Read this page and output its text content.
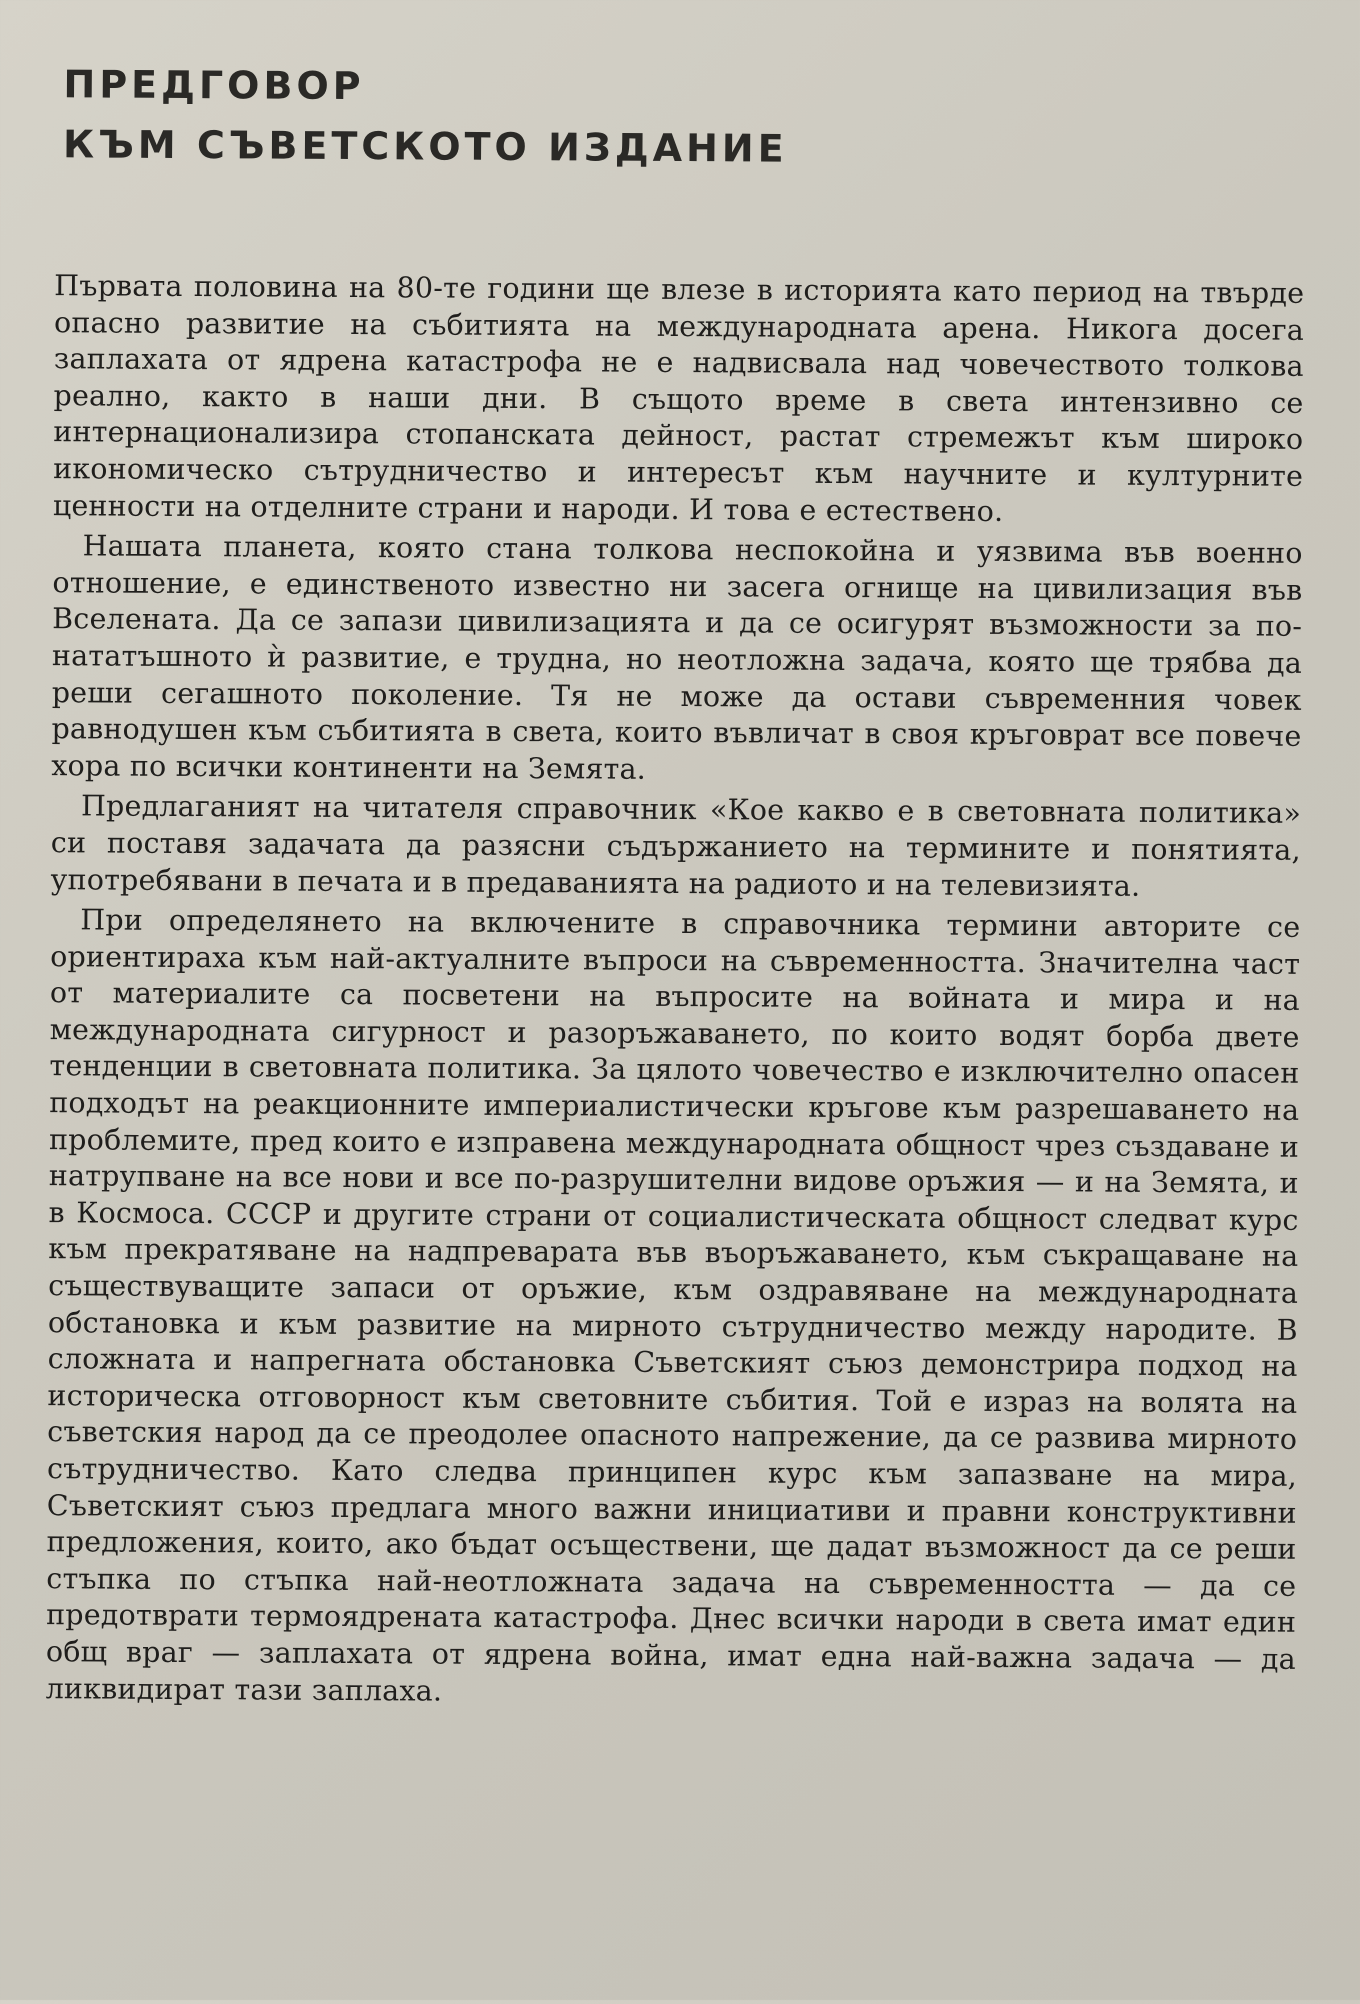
ПРЕДГОВОР
КЪМ СЪВЕТСКОТО ИЗДАНИЕ

Първата половина на 80-те години ще влезе в историята като период на твърде опасно развитие на събитията на международната арена. Никога досега заплахата от ядрена катастрофа не е надвисвала над човечеството толкова реално, както в наши дни. В същото време в света интензивно се интернационализира стопанската дейност, растат стремежът към широко икономическо сътрудничество и интересът към научните и културните ценности на отделните страни и народи. И това е естествено.

Нашата планета, която стана толкова неспокойна и уязвима във военно отношение, е единственото известно ни засега огнище на цивилизация във Вселената. Да се запази цивилизацията и да се осигурят възможности за по-нататъшното ѝ развитие, е трудна, но неотложна задача, която ще трябва да реши сегашното поколение. Тя не може да остави съвременния човек равнодушен към събитията в света, които въвличат в своя кръговрат все повече хора по всички континенти на Земята.

Предлаганият на читателя справочник «Кое какво е в световната политика» си поставя задачата да разясни съдържанието на термините и понятията, употребявани в печата и в предаванията на радиото и на телевизията.

При определянето на включените в справочника термини авторите се ориентираха към най-актуалните въпроси на съвременността. Значителна част от материалите са посветени на въпросите на войната и мира и на международната сигурност и разоръжаването, по които водят борба двете тенденции в световната политика. За цялото човечество е изключително опасен подходът на реакционните империалистически кръгове към разрешаването на проблемите, пред които е изправена международната общност чрез създаване и натрупване на все нови и все по-разрушителни видове оръжия — и на Земята, и в Космоса. СССР и другите страни от социалистическата общност следват курс към прекратяване на надпреварата във въоръжаването, към съкращаване на съществуващите запаси от оръжие, към оздравяване на международната обстановка и към развитие на мирното сътрудничество между народите. В сложната и напрегната обстановка Съветският съюз демонстрира подход на историческа отговорност към световните събития. Той е израз на волята на съветския народ да се преодолее опасното напрежение, да се развива мирното сътрудничество. Като следва принципен курс към запазване на мира, Съветският съюз предлага много важни инициативи и правни конструктивни предложения, които, ако бъдат осъществени, ще дадат възможност да се реши стъпка по стъпка най-неотложната задача на съвременността — да се предотврати термоядрената катастрофа. Днес всички народи в света имат един общ враг — заплахата от ядрена война, имат една най-важна задача — да ликвидират тази заплаха.
